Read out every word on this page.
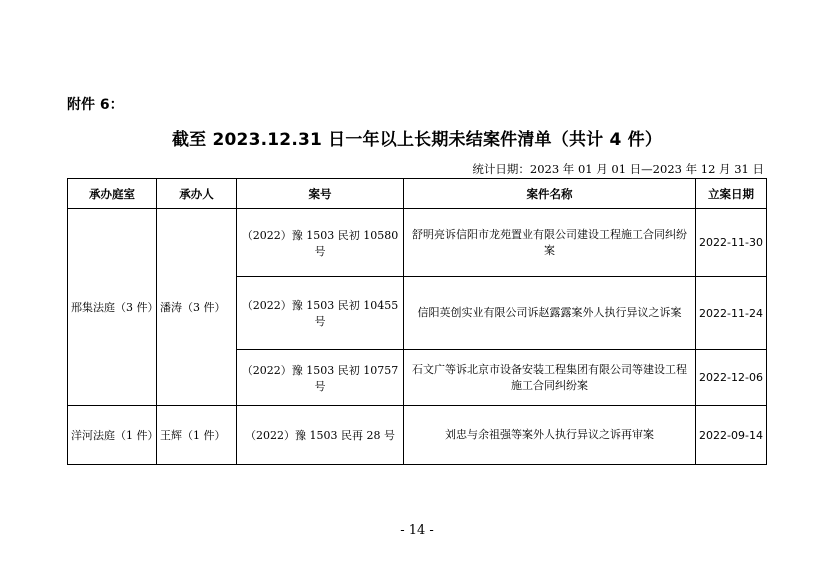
附件 6：
截至 2023.12.31 日一年以上长期未结案件清单（共计 4 件）
统计日期：2023 年 01 月 01 日—2023 年 12 月 31 日
承办庭室	承办人	案号	案件名称	立案日期
邢集法庭（3 件）	潘涛（3 件）	（2022）豫 1503 民初 10580 号	舒明亮诉信阳市龙苑置业有限公司建设工程施工合同纠纷案	2022-11-30
		（2022）豫 1503 民初 10455 号	信阳英创实业有限公司诉赵露露案外人执行异议之诉案	2022-11-24
		（2022）豫 1503 民初 10757 号	石文广等诉北京市设备安装工程集团有限公司等建设工程施工合同纠纷案	2022-12-06
洋河法庭（1 件）	王辉（1 件）	（2022）豫 1503 民再 28 号	刘忠与余祖强等案外人执行异议之诉再审案	2022-09-14
- 14 -
